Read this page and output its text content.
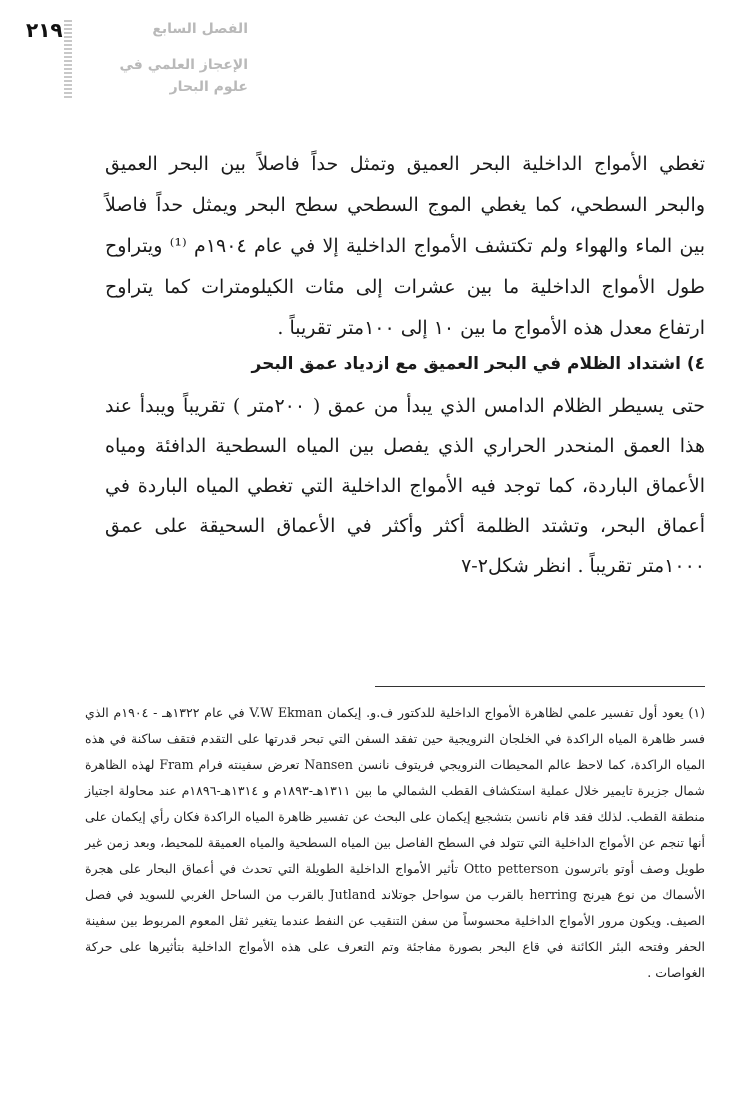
٢١٩	الفصل السابع
الإعجاز العلمي في علوم البحار

تغطي الأمواج الداخلية البحر العميق وتمثل حداً فاصلاً بين البحر العميق والبحر السطحي، كما يغطي الموج السطحي سطح البحر ويمثل حداً فاصلاً بين الماء والهواء ولم تكتشف الأمواج الداخلية إلا في عام ١٩٠٤م ⁽¹⁾ ويتراوح طول الأمواج الداخلية ما بين عشرات إلى مئات الكيلومترات كما يتراوح ارتفاع معدل هذه الأمواج ما بين ١٠ إلى ١٠٠متر تقريباً .

٤) اشتداد الظلام في البحر العميق مع ازدياد عمق البحر

حتى يسيطر الظلام الدامس الذي يبدأ من عمق ( ٢٠٠متر ) تقريباً ويبدأ عند هذا العمق المنحدر الحراري الذي يفصل بين المياه السطحية الدافئة ومياه الأعماق الباردة، كما توجد فيه الأمواج الداخلية التي تغطي المياه الباردة في أعماق البحر، وتشتد الظلمة أكثر وأكثر في الأعماق السحيقة على عمق ١٠٠٠متر تقريباً . انظر شكل٢-٧

(١) يعود أول تفسير علمي لظاهرة الأمواج الداخلية للدكتور ف.و. إيكمان V.W Ekman في عام ١٣٢٢هـ - ١٩٠٤م الذي فسر ظاهرة المياه الراكدة في الخلجان النرويجية حين تفقد السفن التي تبحر قدرتها على التقدم فتقف ساكنة في هذه المياه الراكدة، كما لاحظ عالم المحيطات النرويجي فريتوف نانسن Nansen تعرض سفينته فرام Fram لهذه الظاهرة شمال جزيرة تايمير خلال عملية استكشاف القطب الشمالي ما بين ١٣١١هـ-١٨٩٣م و ١٣١٤هـ-١٨٩٦م عند محاولة اجتياز منطقة القطب. لذلك فقد قام نانسن بتشجيع إيكمان على البحث عن تفسير ظاهرة المياه الراكدة فكان رأي إيكمان على أنها تنجم عن الأمواج الداخلية التي تتولد في السطح الفاصل بين المياه السطحية والمياه العميقة للمحيط، وبعد زمن غير طويل وصف أوتو باترسون Otto petterson تأثير الأمواج الداخلية الطويلة التي تحدث في أعماق البحار على هجرة الأسماك من نوع هيرنج herring بالقرب من سواحل جوتلاند Jutland بالقرب من الساحل الغربي للسويد في فصل الصيف. ويكون مرور الأمواج الداخلية محسوساً من سفن التنقيب عن النفط عندما يتغير ثقل المعوم المربوط بين سفينة الحفر وفتحه البئر الكائنة في قاع البحر بصورة مفاجئة وتم التعرف على هذه الأمواج الداخلية بتأثيرها على حركة الغواصات .
